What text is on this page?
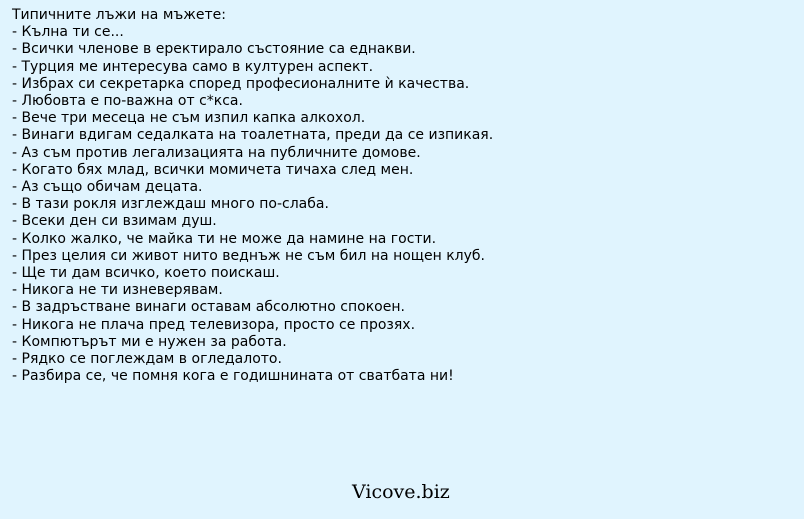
Типичните лъжи на мъжете:
- Кълна ти се...
- Всички членове в еректирало състояние са еднакви.
- Турция ме интересува само в културен аспект.
- Избрах си секретарка според професионалните ѝ качества.
- Любовта е по-важна от с*кса.
- Вече три месеца не съм изпил капка алкохол.
- Винаги вдигам седалката на тоалетната, преди да се изпикая.
- Аз съм против легализацията на публичните домове.
- Когато бях млад, всички момичета тичаха след мен.
- Аз също обичам децата.
- В тази рокля изглеждаш много по-слаба.
- Всеки ден си взимам душ.
- Колко жалко, че майка ти не може да намине на гости.
- През целия си живот нито веднъж не съм бил на нощен клуб.
- Ще ти дам всичко, което поискаш.
- Никога не ти изневерявам.
- В задръстване винаги оставам абсолютно спокоен.
- Никога не плача пред телевизора, просто се прозях.
- Компютърът ми е нужен за работа.
- Рядко се поглеждам в огледалото.
- Разбира се, че помня кога е годишнината от сватбата ни!
Vicove.biz
